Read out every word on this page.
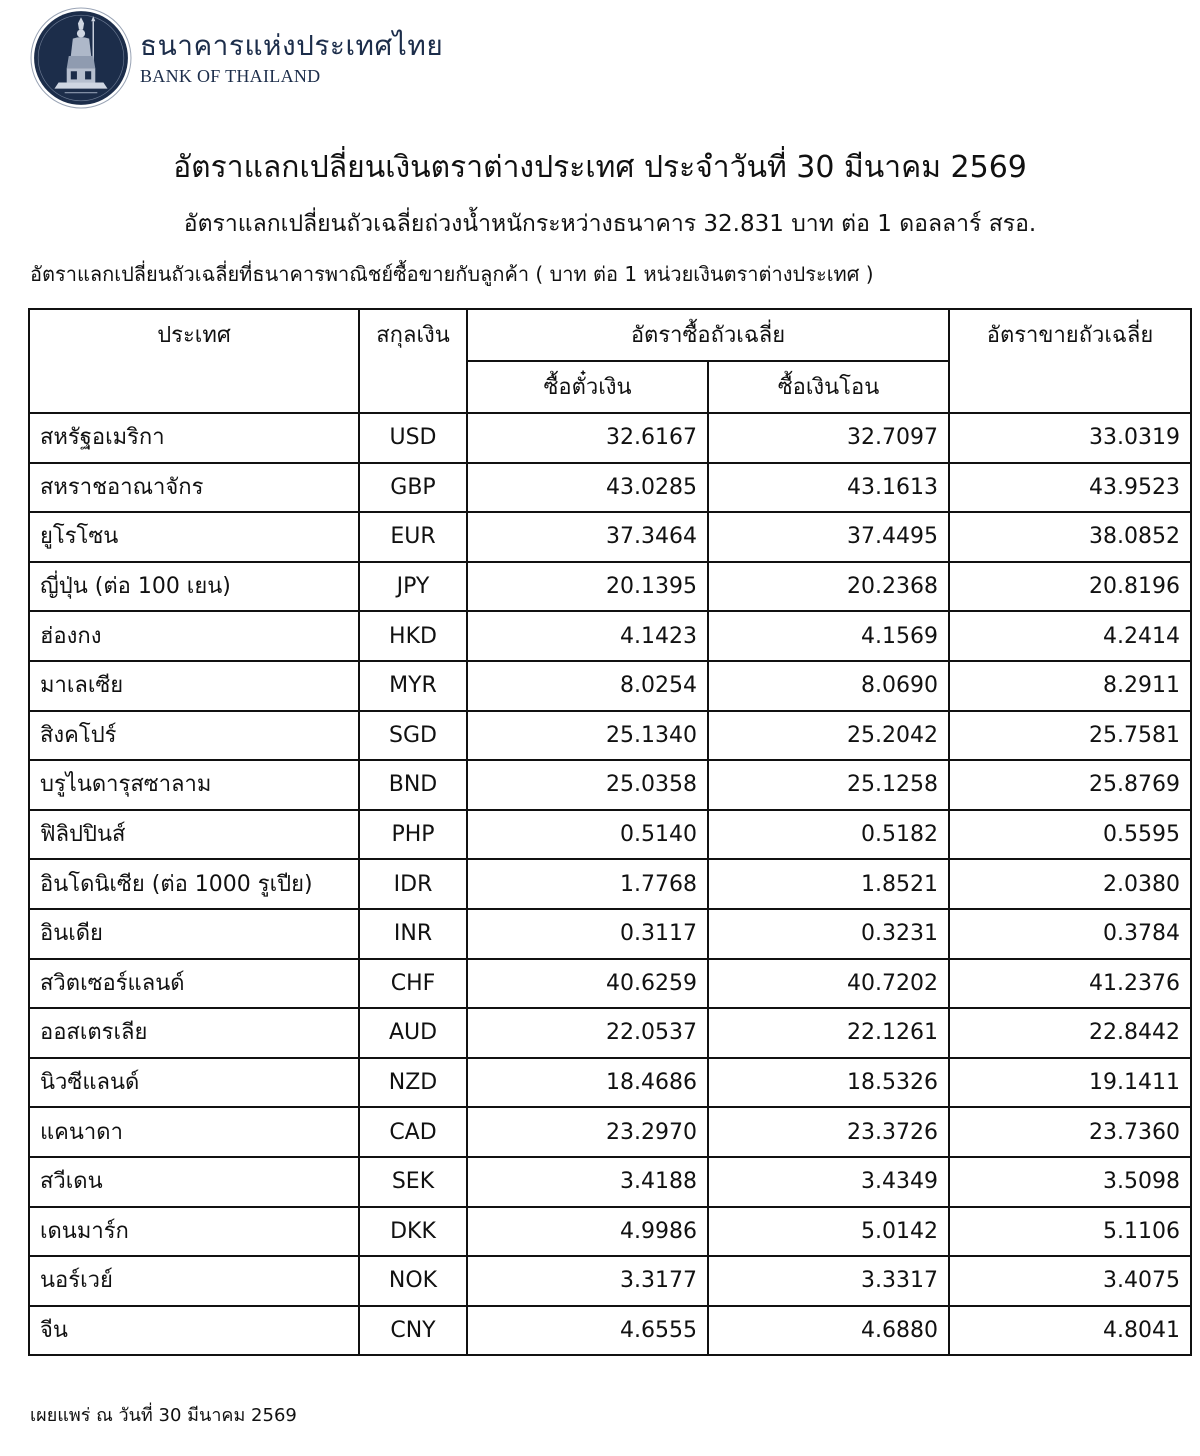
ธนาคารแห่งประเทศไทย
BANK OF THAILAND
อัตราแลกเปลี่ยนเงินตราต่างประเทศ ประจำวันที่ 30 มีนาคม 2569
อัตราแลกเปลี่ยนถัวเฉลี่ยถ่วงน้ำหนักระหว่างธนาคาร 32.831 บาท ต่อ 1 ดอลลาร์ สรอ.
อัตราแลกเปลี่ยนถัวเฉลี่ยที่ธนาคารพาณิชย์ซื้อขายกับลูกค้า ( บาท ต่อ 1 หน่วยเงินตราต่างประเทศ )
ประเทศ	สกุลเงิน	อัตราซื้อถัวเฉลี่ย		อัตราขายถัวเฉลี่ย
		ซื้อตั๋วเงิน	ซื้อเงินโอน	
สหรัฐอเมริกา	USD	32.6167	32.7097	33.0319
สหราชอาณาจักร	GBP	43.0285	43.1613	43.9523
ยูโรโซน	EUR	37.3464	37.4495	38.0852
ญี่ปุ่น (ต่อ 100 เยน)	JPY	20.1395	20.2368	20.8196
ฮ่องกง	HKD	4.1423	4.1569	4.2414
มาเลเซีย	MYR	8.0254	8.0690	8.2911
สิงคโปร์	SGD	25.1340	25.2042	25.7581
บรูไนดารุสซาลาม	BND	25.0358	25.1258	25.8769
ฟิลิปปินส์	PHP	0.5140	0.5182	0.5595
อินโดนิเซีย (ต่อ 1000 รูเปีย)	IDR	1.7768	1.8521	2.0380
อินเดีย	INR	0.3117	0.3231	0.3784
สวิตเซอร์แลนด์	CHF	40.6259	40.7202	41.2376
ออสเตรเลีย	AUD	22.0537	22.1261	22.8442
นิวซีแลนด์	NZD	18.4686	18.5326	19.1411
แคนาดา	CAD	23.2970	23.3726	23.7360
สวีเดน	SEK	3.4188	3.4349	3.5098
เดนมาร์ก	DKK	4.9986	5.0142	5.1106
นอร์เวย์	NOK	3.3177	3.3317	3.4075
จีน	CNY	4.6555	4.6880	4.8041
เผยแพร่ ณ วันที่ 30 มีนาคม 2569
